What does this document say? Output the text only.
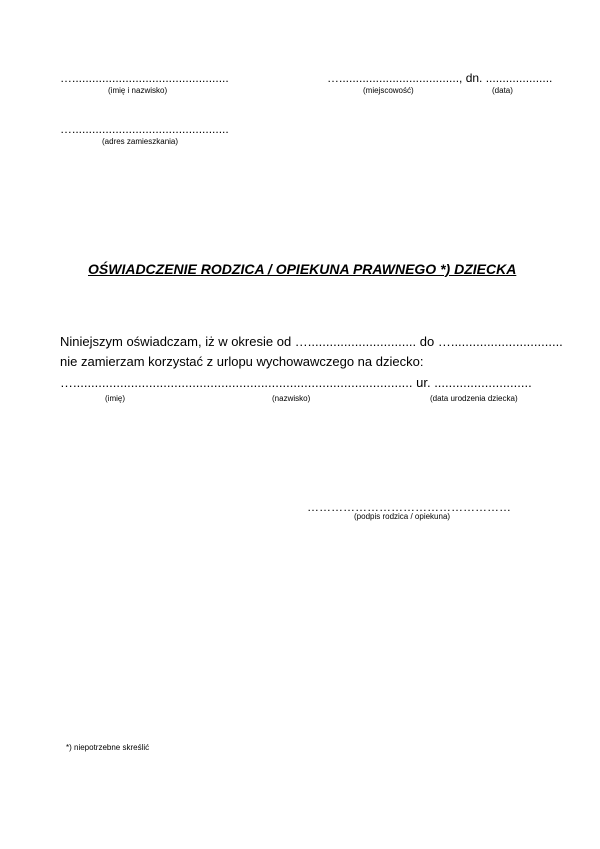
…...............................................
(imię i nazwisko)
…...................................., dn. ....................
(miejscowość)	(data)
…...............................................
(adres zamieszkania)
OŚWIADCZENIE RODZICA / OPIEKUNA PRAWNEGO *) DZIECKA
Niniejszym oświadczam, iż w okresie od ….............................. do …...............................
nie zamierzam korzystać z urlopu wychowawczego na dziecko:
….............................................................................................. ur. ...........................
(imię)	(nazwisko)	(data urodzenia dziecka)
……………………………………………
(podpis rodzica / opiekuna)
*) niepotrzebne skreślić
